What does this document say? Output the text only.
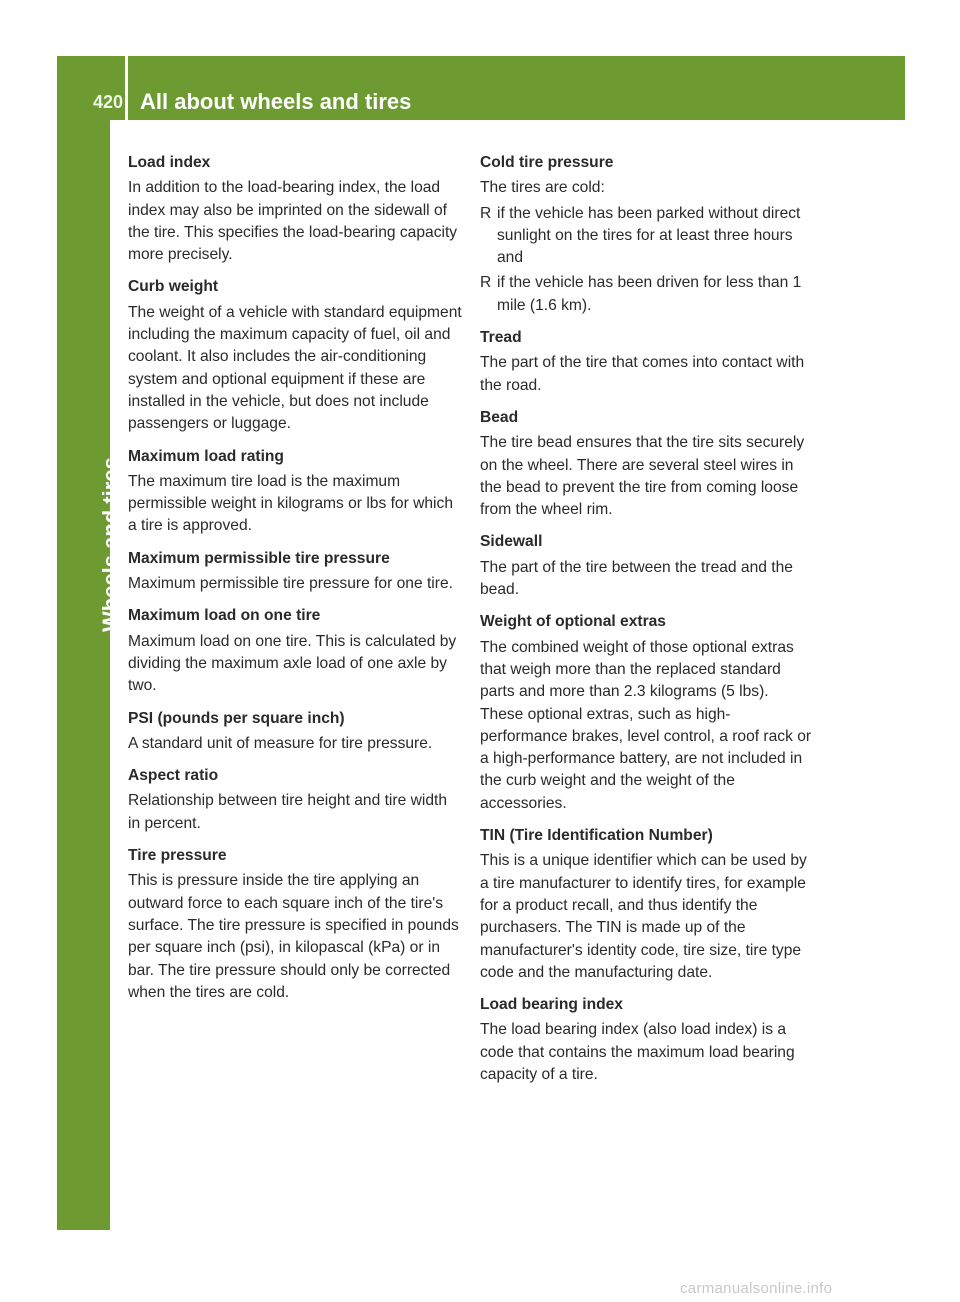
420 All about wheels and tires
Wheels and tires
Load index
In addition to the load-bearing index, the load index may also be imprinted on the sidewall of the tire. This specifies the load-bearing capacity more precisely.
Curb weight
The weight of a vehicle with standard equipment including the maximum capacity of fuel, oil and coolant. It also includes the air-conditioning system and optional equipment if these are installed in the vehicle, but does not include passengers or luggage.
Maximum load rating
The maximum tire load is the maximum permissible weight in kilograms or lbs for which a tire is approved.
Maximum permissible tire pressure
Maximum permissible tire pressure for one tire.
Maximum load on one tire
Maximum load on one tire. This is calculated by dividing the maximum axle load of one axle by two.
PSI (pounds per square inch)
A standard unit of measure for tire pressure.
Aspect ratio
Relationship between tire height and tire width in percent.
Tire pressure
This is pressure inside the tire applying an outward force to each square inch of the tire's surface. The tire pressure is specified in pounds per square inch (psi), in kilopascal (kPa) or in bar. The tire pressure should only be corrected when the tires are cold.
Cold tire pressure
The tires are cold:
R if the vehicle has been parked without direct sunlight on the tires for at least three hours and
R if the vehicle has been driven for less than 1 mile (1.6 km).
Tread
The part of the tire that comes into contact with the road.
Bead
The tire bead ensures that the tire sits securely on the wheel. There are several steel wires in the bead to prevent the tire from coming loose from the wheel rim.
Sidewall
The part of the tire between the tread and the bead.
Weight of optional extras
The combined weight of those optional extras that weigh more than the replaced standard parts and more than 2.3 kilograms (5 lbs). These optional extras, such as high-performance brakes, level control, a roof rack or a high-performance battery, are not included in the curb weight and the weight of the accessories.
TIN (Tire Identification Number)
This is a unique identifier which can be used by a tire manufacturer to identify tires, for example for a product recall, and thus identify the purchasers. The TIN is made up of the manufacturer's identity code, tire size, tire type code and the manufacturing date.
Load bearing index
The load bearing index (also load index) is a code that contains the maximum load bearing capacity of a tire.
carmanualsonline.info
